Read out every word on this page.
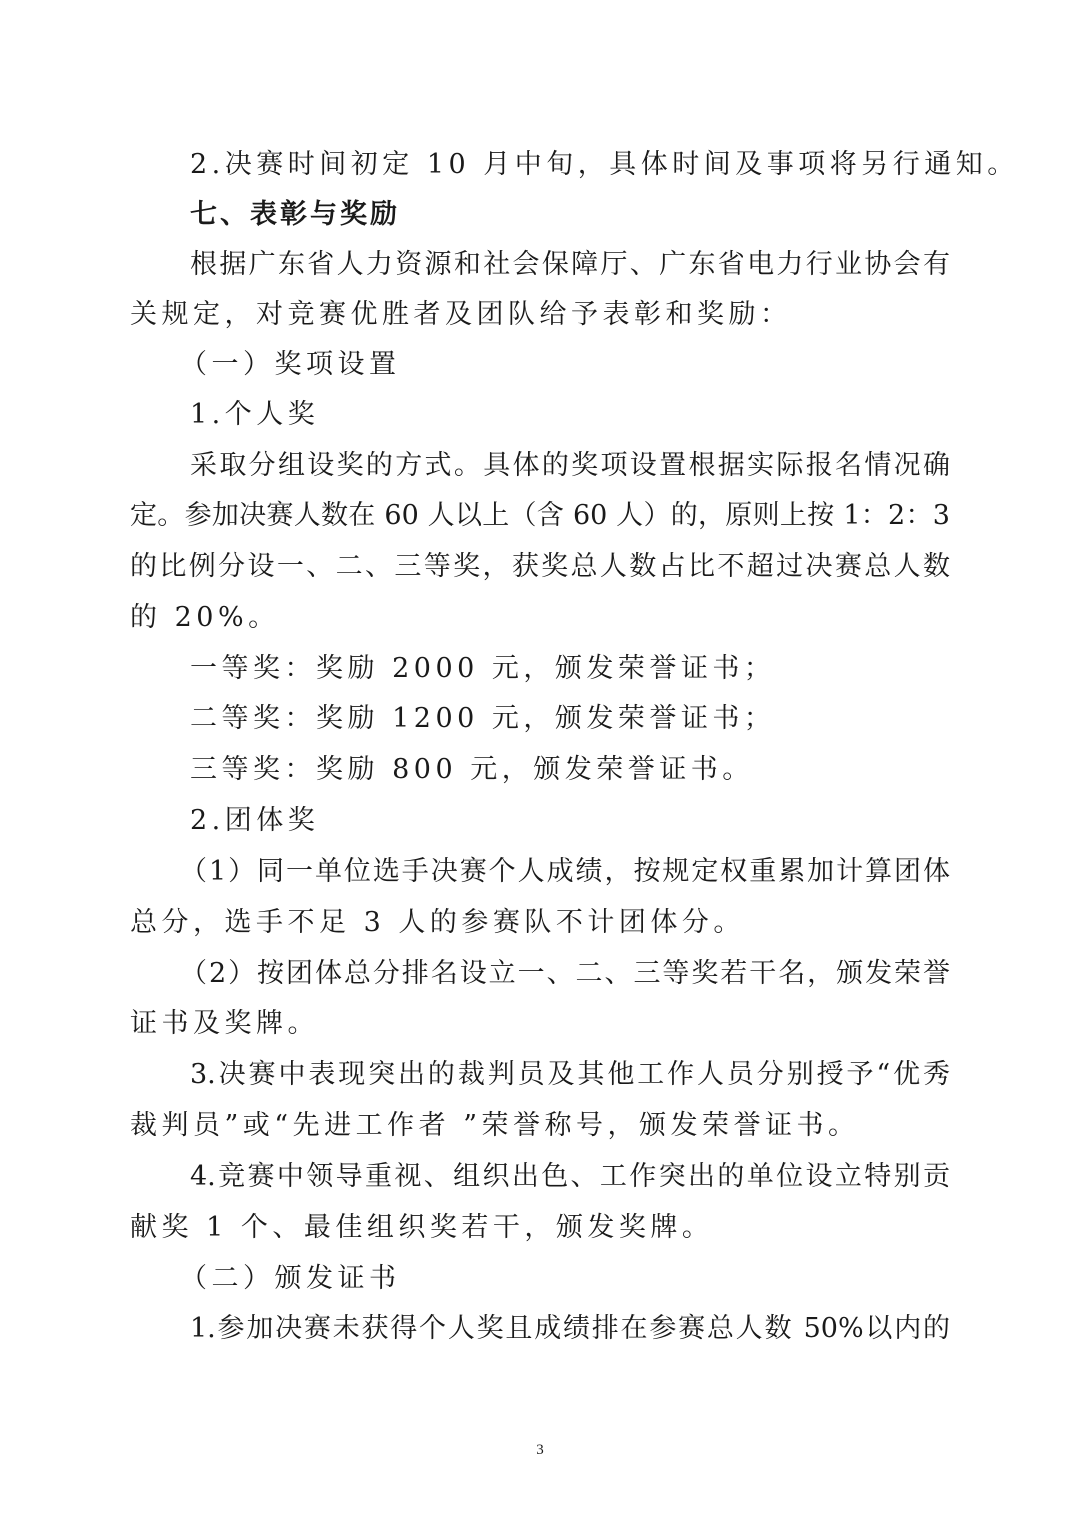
2.决赛时间初定 10 月中旬，具体时间及事项将另行通知。
七、表彰与奖励
根据广东省人力资源和社会保障厅、广东省电力行业协会有
关规定，对竞赛优胜者及团队给予表彰和奖励：
（一）奖项设置
1.个人奖
采取分组设奖的方式。具体的奖项设置根据实际报名情况确
定。参加决赛人数在 60 人以上（含 60 人）的，原则上按 1：2：3
的比例分设一、二、三等奖，获奖总人数占比不超过决赛总人数
的 20%。
一等奖：奖励 2000 元，颁发荣誉证书；
二等奖：奖励 1200 元，颁发荣誉证书；
三等奖：奖励 800 元，颁发荣誉证书。
2.团体奖
（1）同一单位选手决赛个人成绩，按规定权重累加计算团体
总分，选手不足 3 人的参赛队不计团体分。
（2）按团体总分排名设立一、二、三等奖若干名，颁发荣誉
证书及奖牌。
3.决赛中表现突出的裁判员及其他工作人员分别授予“优秀
裁判员”或“先进工作者 ”荣誉称号，颁发荣誉证书。
4.竞赛中领导重视、组织出色、工作突出的单位设立特别贡
献奖 1 个、最佳组织奖若干，颁发奖牌。
（二）颁发证书
1.参加决赛未获得个人奖且成绩排在参赛总人数 50%以内的
3
